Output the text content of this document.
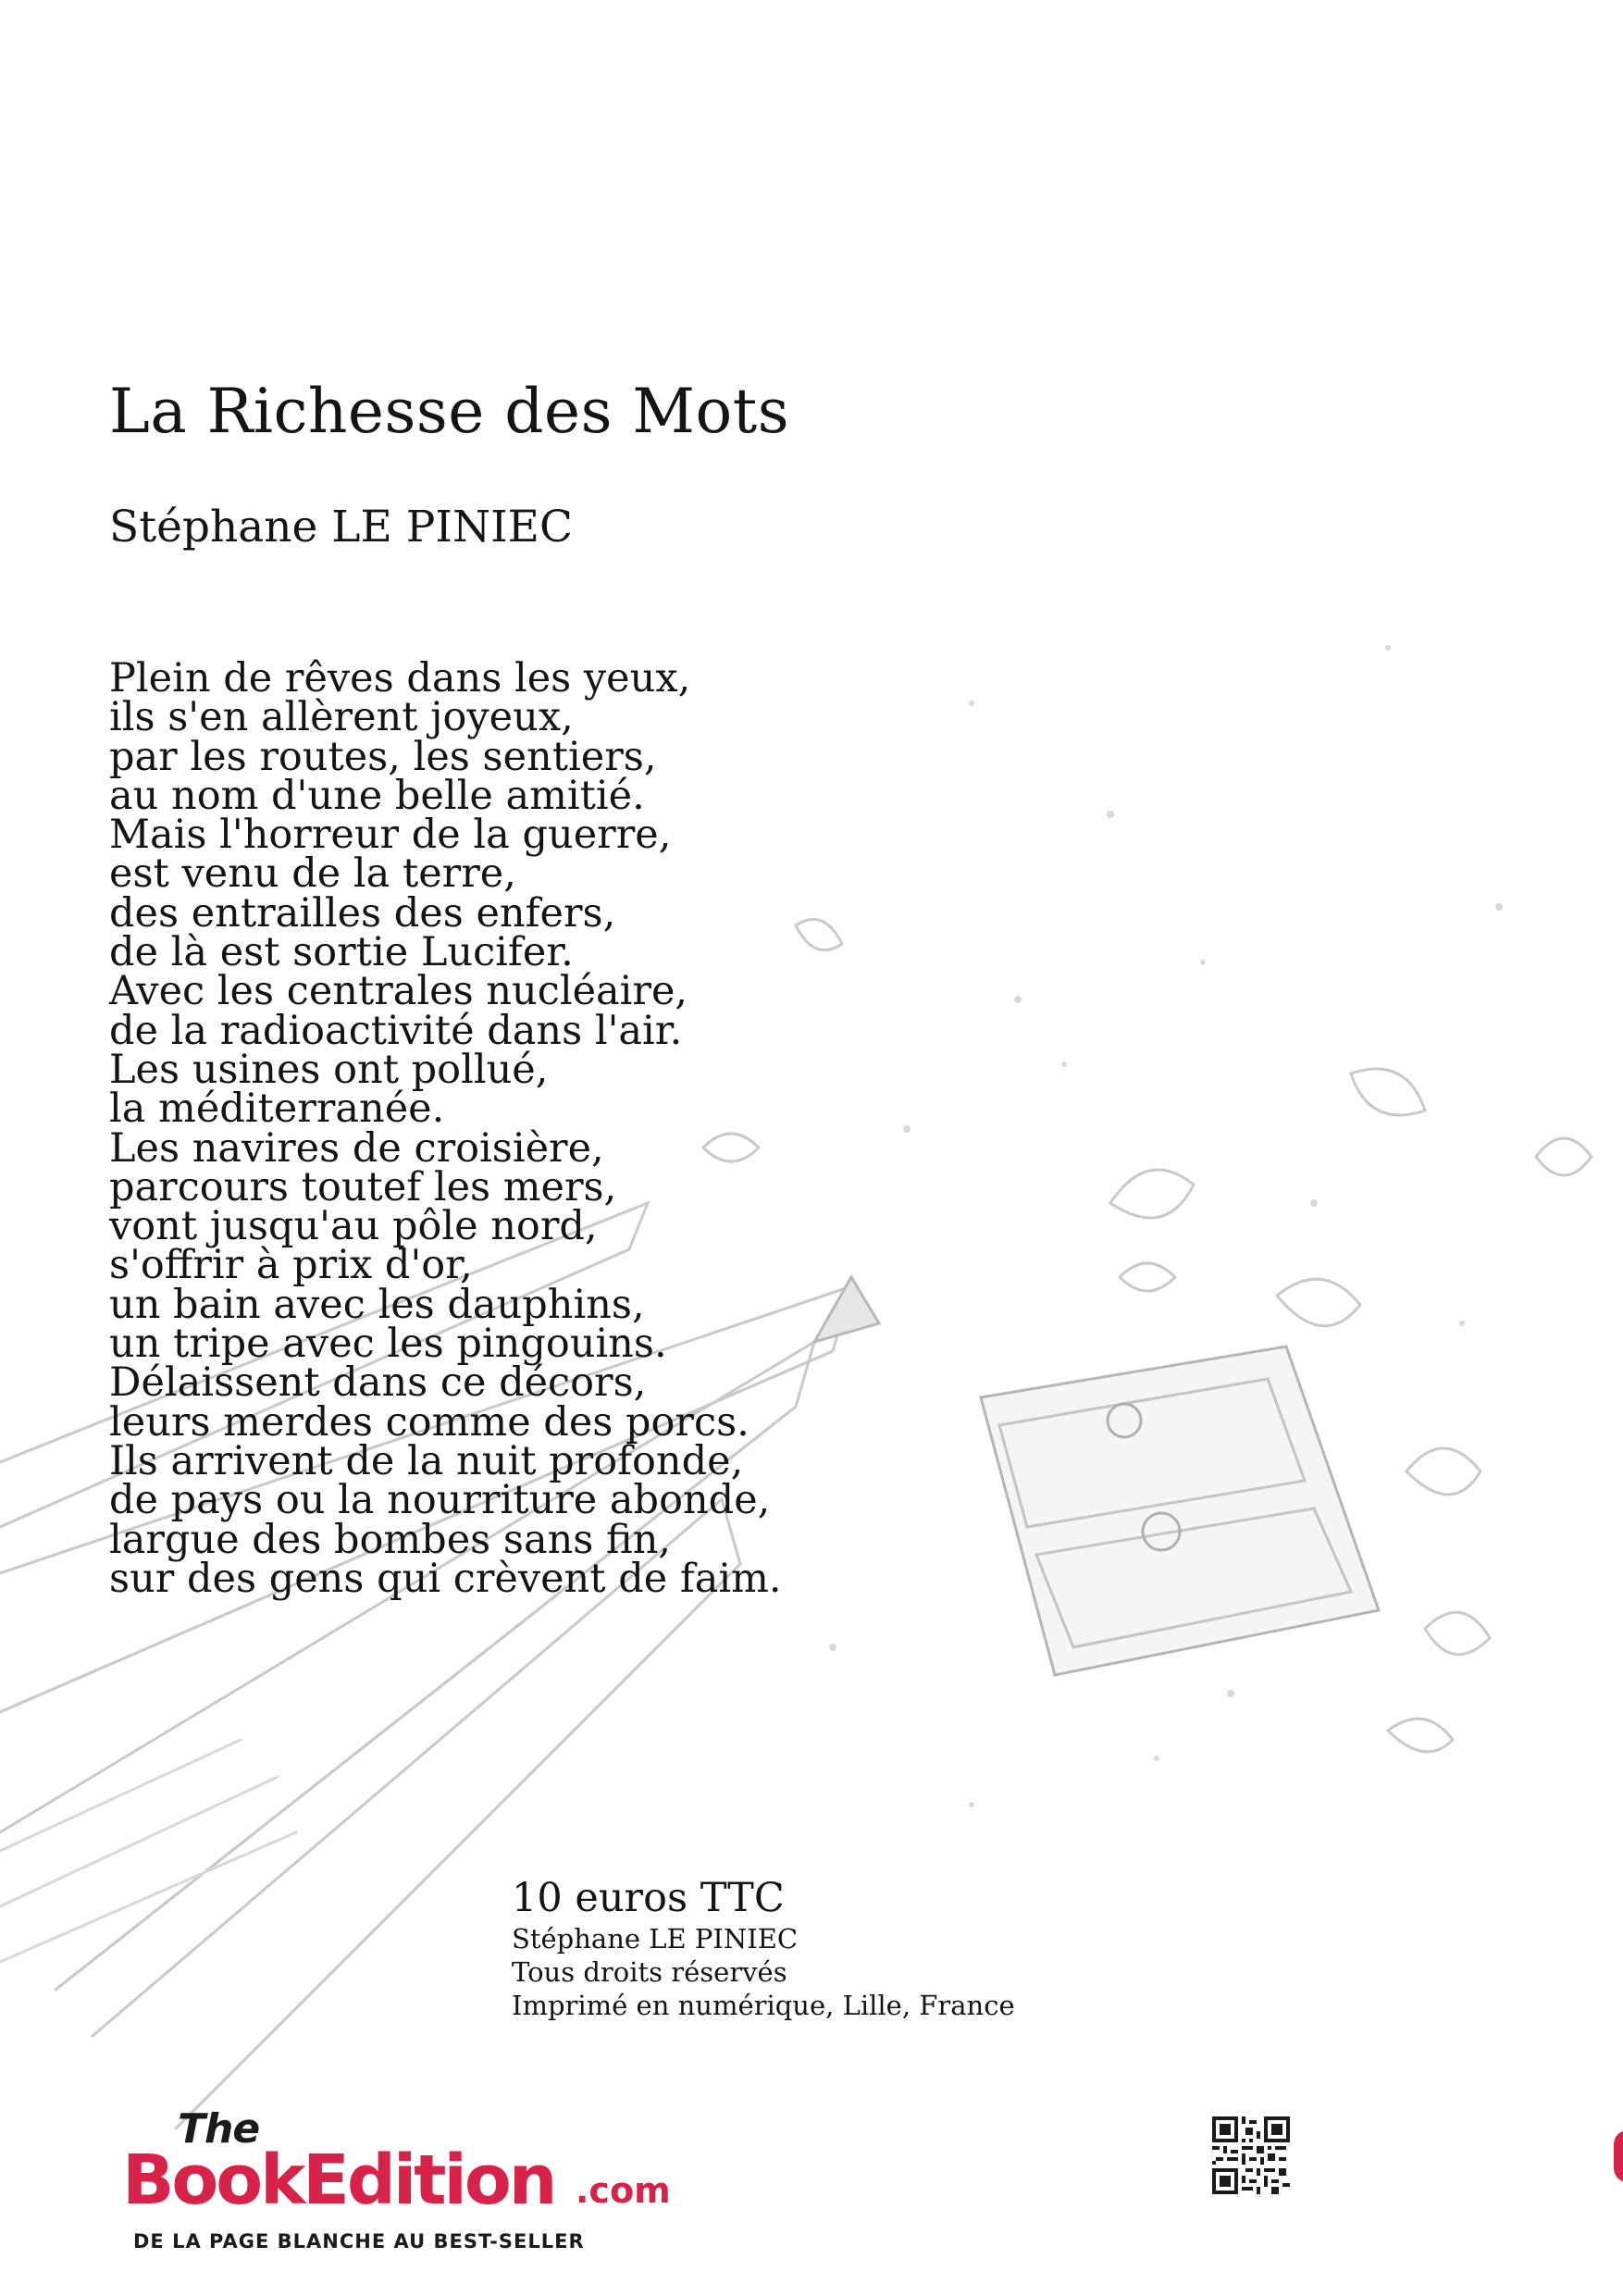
La Richesse des Mots
Stéphane LE PINIEC
Plein de rêves dans les yeux,
ils s'en allèrent joyeux,
par les routes, les sentiers,
au nom d'une belle amitié.
Mais l'horreur de la guerre,
est venu de la terre,
des entrailles des enfers,
de là est sortie Lucifer.
Avec les centrales nucléaire,
de la radioactivité dans l'air.
Les usines ont pollué,
la méditerranée.
Les navires de croisière,
parcours toutef les mers,
vont jusqu'au pôle nord,
s'offrir à prix d'or,
un bain avec les dauphins,
un tripe avec les pingouins.
Délaissent dans ce décors,
leurs merdes comme des porcs.
Ils arrivent de la nuit profonde,
de pays ou la nourriture abonde,
largue des bombes sans fin,
sur des gens qui crèvent de faim.
10 euros TTC
Stéphane LE PINIEC
Tous droits réservés
Imprimé en numérique, Lille, France
The
BookEdition .com
DE LA PAGE BLANCHE AU BEST-SELLER
